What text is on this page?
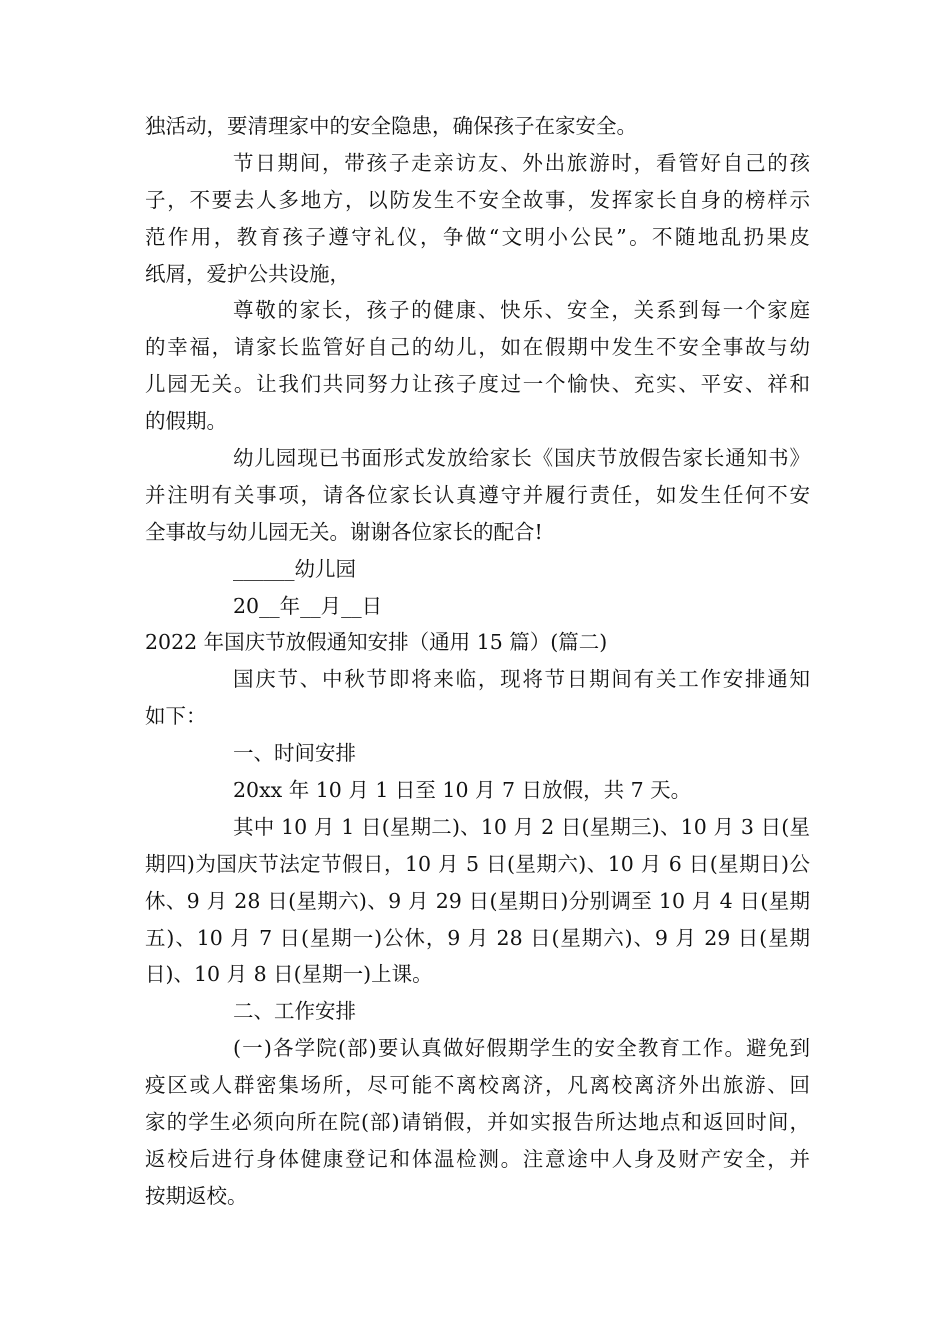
独活动，要清理家中的安全隐患，确保孩子在家安全。
节日期间，带孩子走亲访友、外出旅游时，看管好自己的孩
子，不要去人多地方，以防发生不安全故事，发挥家长自身的榜样示
范作用，教育孩子遵守礼仪，争做“文明小公民”。不随地乱扔果皮
纸屑，爱护公共设施，
尊敬的家长，孩子的健康、快乐、安全，关系到每一个家庭
的幸福，请家长监管好自己的幼儿，如在假期中发生不安全事故与幼
儿园无关。让我们共同努力让孩子度过一个愉快、充实、平安、祥和
的假期。
幼儿园现已书面形式发放给家长《国庆节放假告家长通知书》
并注明有关事项，请各位家长认真遵守并履行责任，如发生任何不安
全事故与幼儿园无关。谢谢各位家长的配合!
______幼儿园
20__年__月__日
2022 年国庆节放假通知安排（通用 15 篇）(篇二)
国庆节、中秋节即将来临，现将节日期间有关工作安排通知
如下：
一、时间安排
20xx 年 10 月 1 日至 10 月 7 日放假，共 7 天。
其中 10 月 1 日(星期二)、10 月 2 日(星期三)、10 月 3 日(星
期四)为国庆节法定节假日，10 月 5 日(星期六)、10 月 6 日(星期日)公
休、9 月 28 日(星期六)、9 月 29 日(星期日)分别调至 10 月 4 日(星期
五)、10 月 7 日(星期一)公休，9 月 28 日(星期六)、9 月 29 日(星期
日)、10 月 8 日(星期一)上课。
二、工作安排
(一)各学院(部)要认真做好假期学生的安全教育工作。避免到
疫区或人群密集场所，尽可能不离校离济，凡离校离济外出旅游、回
家的学生必须向所在院(部)请销假，并如实报告所达地点和返回时间，
返校后进行身体健康登记和体温检测。注意途中人身及财产安全，并
按期返校。
